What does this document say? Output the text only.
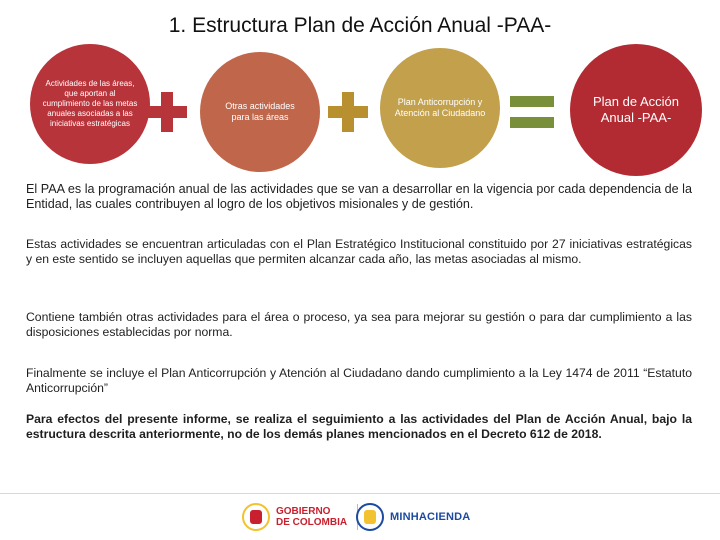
1. Estructura Plan de Acción Anual -PAA-
Actividades de las áreas, que aportan al cumplimiento de las metas anuales asociadas a las iniciativas estratégicas
Otras actividades para las áreas
Plan Anticorrupción y Atención al Ciudadano
Plan de Acción Anual -PAA-

El PAA es la programación anual de las actividades que se van a desarrollar en la vigencia por cada dependencia de la Entidad, las cuales contribuyen al logro de los objetivos misionales y de gestión.

Estas actividades se encuentran articuladas con el Plan Estratégico Institucional constituido por 27 iniciativas estratégicas y en este sentido se incluyen aquellas que permiten alcanzar cada año, las metas asociadas al mismo.

Contiene también otras actividades para el área o proceso, ya sea para mejorar su gestión o para dar cumplimiento a las disposiciones establecidas por norma.

Finalmente se incluye el Plan Anticorrupción y Atención al Ciudadano dando cumplimiento a la Ley 1474 de 2011 “Estatuto Anticorrupción”

Para efectos del presente informe, se realiza el seguimiento a las actividades del Plan de Acción Anual, bajo la estructura descrita anteriormente, no de los demás planes mencionados en el Decreto 612 de 2018.

GOBIERNO
DE COLOMBIA	MINHACIENDA
